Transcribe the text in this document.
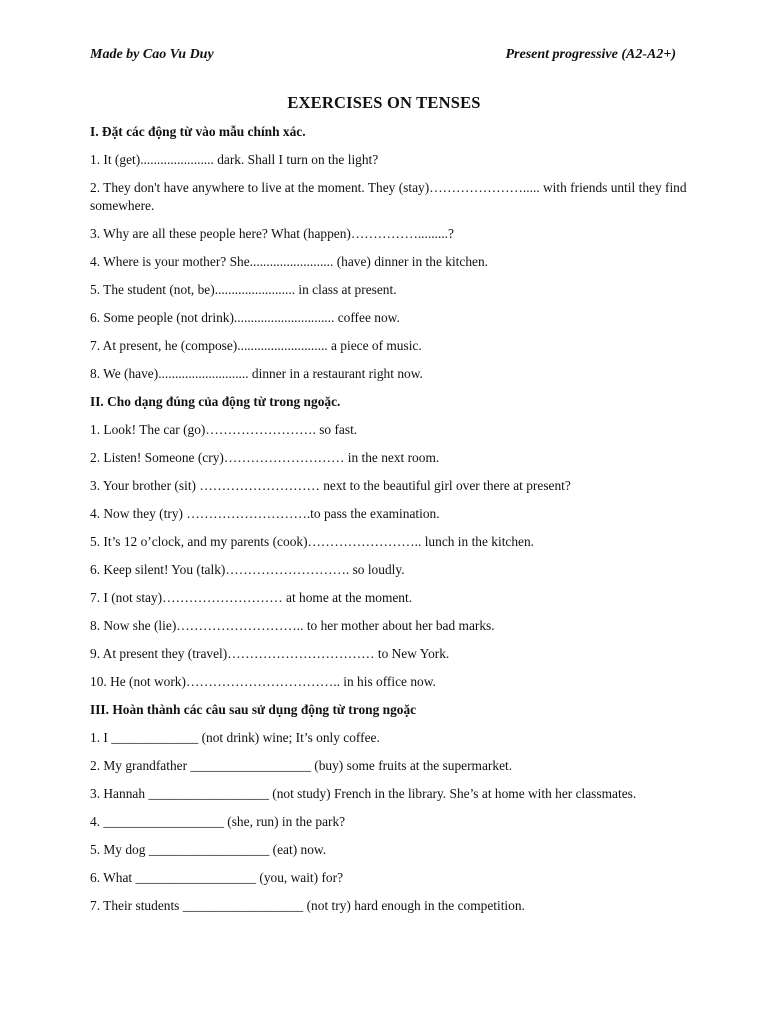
Made by Cao Vu Duy	Present progressive (A2-A2+)
EXERCISES ON TENSES
I. Đặt các động từ vào mẫu chính xác.
1. It (get)...................... dark. Shall I turn on the light?
2. They don't have anywhere to live at the moment. They (stay)…………………..... with friends until they find somewhere.
3. Why are all these people here? What (happen)…………….........?
4. Where is your mother? She......................... (have) dinner in the kitchen.
5. The student (not, be)........................ in class at present.
6. Some people (not drink).............................. coffee now.
7. At present, he (compose)........................... a piece of music.
8. We (have)........................... dinner in a restaurant right now.
II. Cho dạng đúng của động từ trong ngoặc.
1. Look! The car (go)……………………. so fast.
2. Listen! Someone (cry)……………………… in the next room.
3. Your brother (sit) ……………………… next to the beautiful girl over there at present?
4. Now they (try) ……………………….to pass the examination.
5. It’s 12 o’clock, and my parents (cook)…………………….. lunch in the kitchen.
6. Keep silent! You (talk)………………………. so loudly.
7. I (not stay)……………………… at home at the moment.
8. Now she (lie)……………………….. to her mother about her bad marks.
9. At present they (travel)…………………………… to New York.
10. He (not work)…………………………….. in his office now.
III. Hoàn thành các câu sau sử dụng động từ trong ngoặc
1. I _____________ (not drink) wine; It’s only coffee.
2. My grandfather __________________ (buy) some fruits at the supermarket.
3. Hannah __________________ (not study) French in the library. She’s at home with her classmates.
4. __________________ (she, run) in the park?
5. My dog __________________ (eat) now.
6. What __________________ (you, wait) for?
7. Their students __________________ (not try) hard enough in the competition.
